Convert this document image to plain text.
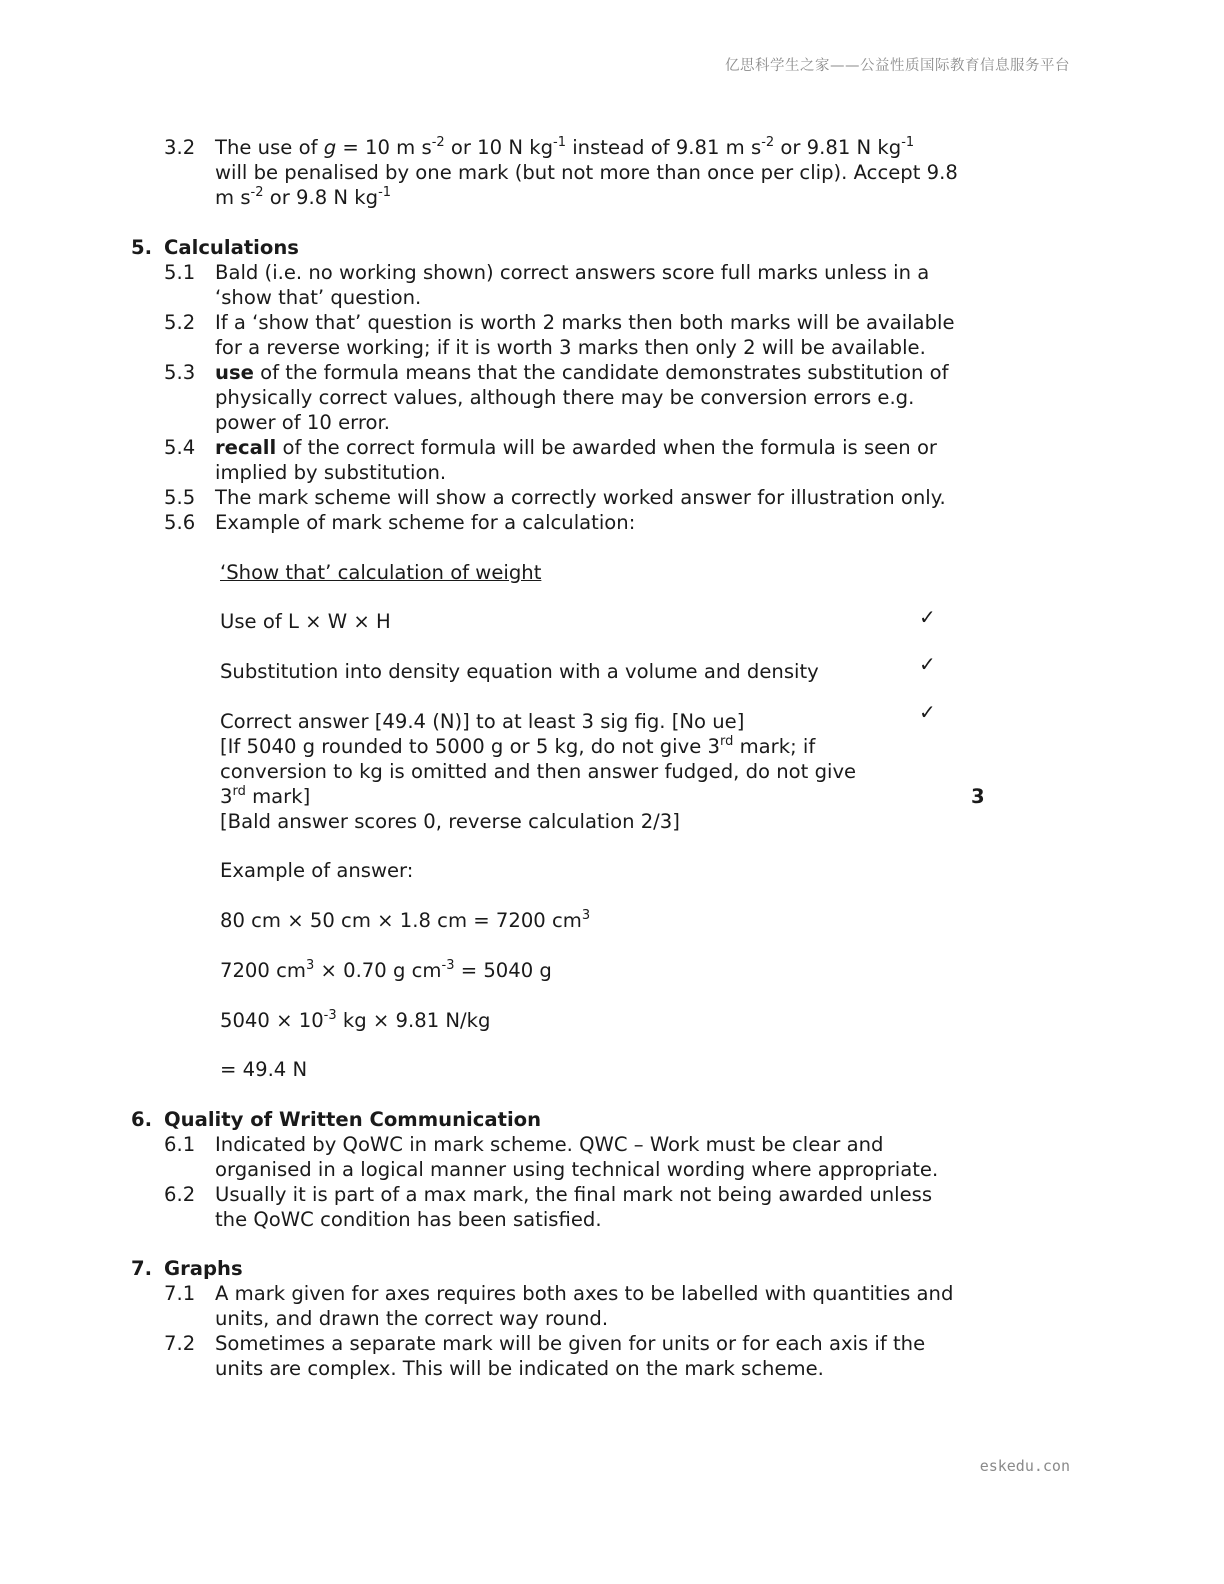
亿思科学生之家——公益性质国际教育信息服务平台
3.2 The use of g = 10 m $s^{-2}$ or 10 N $kg^{-1}$ instead of 9.81 m $s^{-2}$ or 9.81 N $kg^{-1}$
will be penalised by one mark (but not more than once per clip). Accept 9.8
m $s^{-2}$ or 9.8 N $kg^{-1}$
5. Calculations
5.1 Bald (i.e. no working shown) correct answers score full marks unless in a
‘show that’ question.
5.2 If a ‘show that’ question is worth 2 marks then both marks will be available
for a reverse working; if it is worth 3 marks then only 2 will be available.
5.3 use of the formula means that the candidate demonstrates substitution of
physically correct values, although there may be conversion errors e.g.
power of 10 error.
5.4 recall of the correct formula will be awarded when the formula is seen or
implied by substitution.
5.5 The mark scheme will show a correctly worked answer for illustration only.
5.6 Example of mark scheme for a calculation:
‘Show that’ calculation of weight
Use of L × W × H	✓
Substitution into density equation with a volume and density	✓
Correct answer [49.4 (N)] to at least 3 sig fig. [No ue]	✓
[If 5040 g rounded to 5000 g or 5 kg, do not give 3rd mark; if
conversion to kg is omitted and then answer fudged, do not give
3rd mark]	3
[Bald answer scores 0, reverse calculation 2/3]
Example of answer:
80 cm × 50 cm × 1.8 cm = 7200 $cm^3$
7200 $cm^3 \times 0.70$ g $cm^{-3} = 5040$ g
$5040 \times 10^{-3}$ kg × 9.81 N/kg
= 49.4 N
6. Quality of Written Communication
6.1 Indicated by QoWC in mark scheme. QWC – Work must be clear and
organised in a logical manner using technical wording where appropriate.
6.2 Usually it is part of a max mark, the final mark not being awarded unless
the QoWC condition has been satisfied.
7. Graphs
7.1 A mark given for axes requires both axes to be labelled with quantities and
units, and drawn the correct way round.
7.2 Sometimes a separate mark will be given for units or for each axis if the
units are complex. This will be indicated on the mark scheme.
eskedu.con
